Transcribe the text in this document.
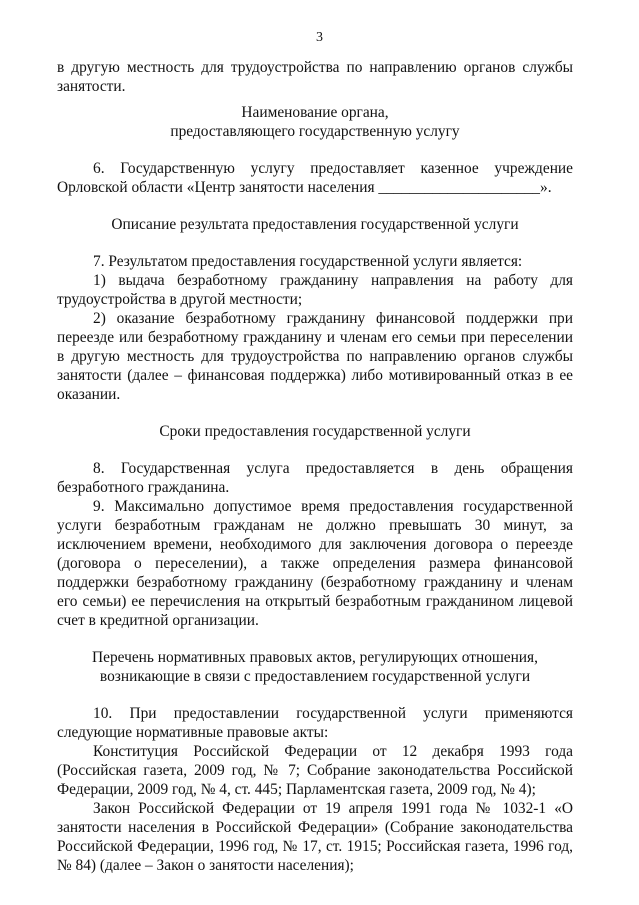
3

в другую местность для трудоустройства по направлению органов службы занятости.

Наименование органа,
предоставляющего государственную услугу

6. Государственную услугу предоставляет казенное учреждение Орловской области «Центр занятости населения _____________________».

Описание результата предоставления государственной услуги

7. Результатом предоставления государственной услуги является:

1) выдача безработному гражданину направления на работу для трудоустройства в другой местности;

2) оказание безработному гражданину финансовой поддержки при переезде или безработному гражданину и членам его семьи при переселении в другую местность для трудоустройства по направлению органов службы занятости (далее – финансовая поддержка) либо мотивированный отказ в ее оказании.

Сроки предоставления государственной услуги

8. Государственная услуга предоставляется в день обращения безработного гражданина.

9. Максимально допустимое время предоставления государственной услуги безработным гражданам не должно превышать 30 минут, за исключением времени, необходимого для заключения договора о переезде (договора о переселении), а также определения размера финансовой поддержки безработному гражданину (безработному гражданину и членам его семьи) ее перечисления на открытый безработным гражданином лицевой счет в кредитной организации.

Перечень нормативных правовых актов, регулирующих отношения,
возникающие в связи с предоставлением государственной услуги

10. При предоставлении государственной услуги применяются следующие нормативные правовые акты:

Конституция Российской Федерации от 12 декабря 1993 года (Российская газета, 2009 год, № 7; Собрание законодательства Российской Федерации, 2009 год, № 4, ст. 445; Парламентская газета, 2009 год, № 4);

Закон Российской Федерации от 19 апреля 1991 года № 1032-1 «О занятости населения в Российской Федерации» (Собрание законодательства Российской Федерации, 1996 год, № 17, ст. 1915; Российская газета, 1996 год, № 84) (далее – Закон о занятости населения);
